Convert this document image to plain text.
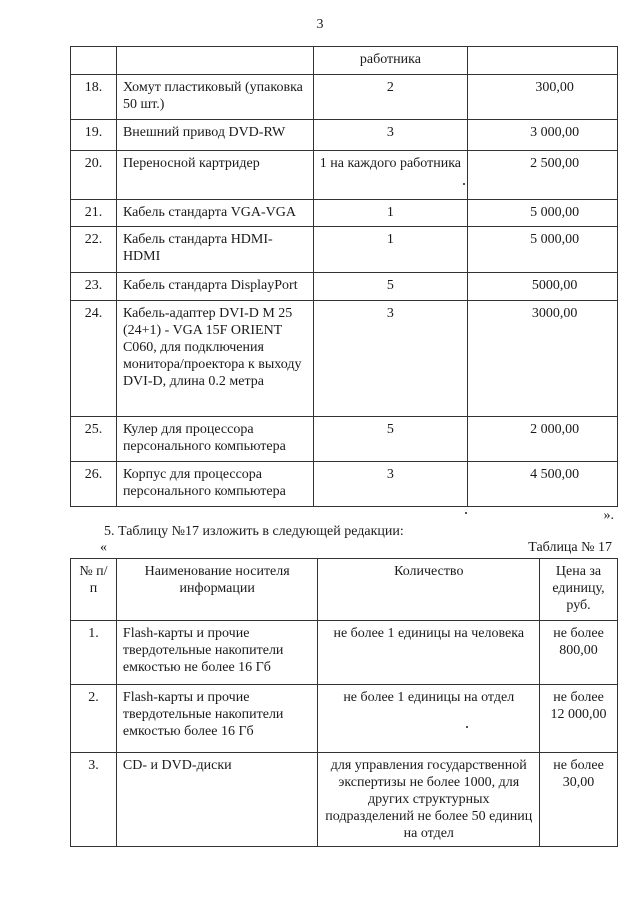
3
		работника	
18.	Хомут пластиковый (упаковка 50 шт.)	2	300,00
19.	Внешний привод DVD-RW	3	3 000,00
20.	Переносной картридер	1 на каждого работника	2 500,00
21.	Кабель стандарта VGA-VGA	1	5 000,00
22.	Кабель стандарта HDMI-HDMI	1	5 000,00
23.	Кабель стандарта DisplayPort	5	5000,00
24.	Кабель-адаптер DVI-D M 25 (24+1) - VGA 15F ORIENT C060, для подключения монитора/проектора к выходу DVI-D, длина 0.2 метра	3	3000,00
25.	Кулер для процессора персонального компьютера	5	2 000,00
26.	Корпус для процессора персонального компьютера	3	4 500,00
».
5. Таблицу №17 изложить в следующей редакции:
«	Таблица № 17
№ п/п	Наименование носителя информации	Количество	Цена за единицу, руб.
1.	Flash-карты и прочие твердотельные накопители емкостью не более 16 Гб	не более 1 единицы на человека	не более 800,00
2.	Flash-карты и прочие твердотельные накопители емкостью более 16 Гб	не более 1 единицы на отдел	не более 12 000,00
3.	CD- и DVD-диски	для управления государственной экспертизы не более 1000, для других структурных подразделений не более 50 единиц на отдел	не более 30,00
